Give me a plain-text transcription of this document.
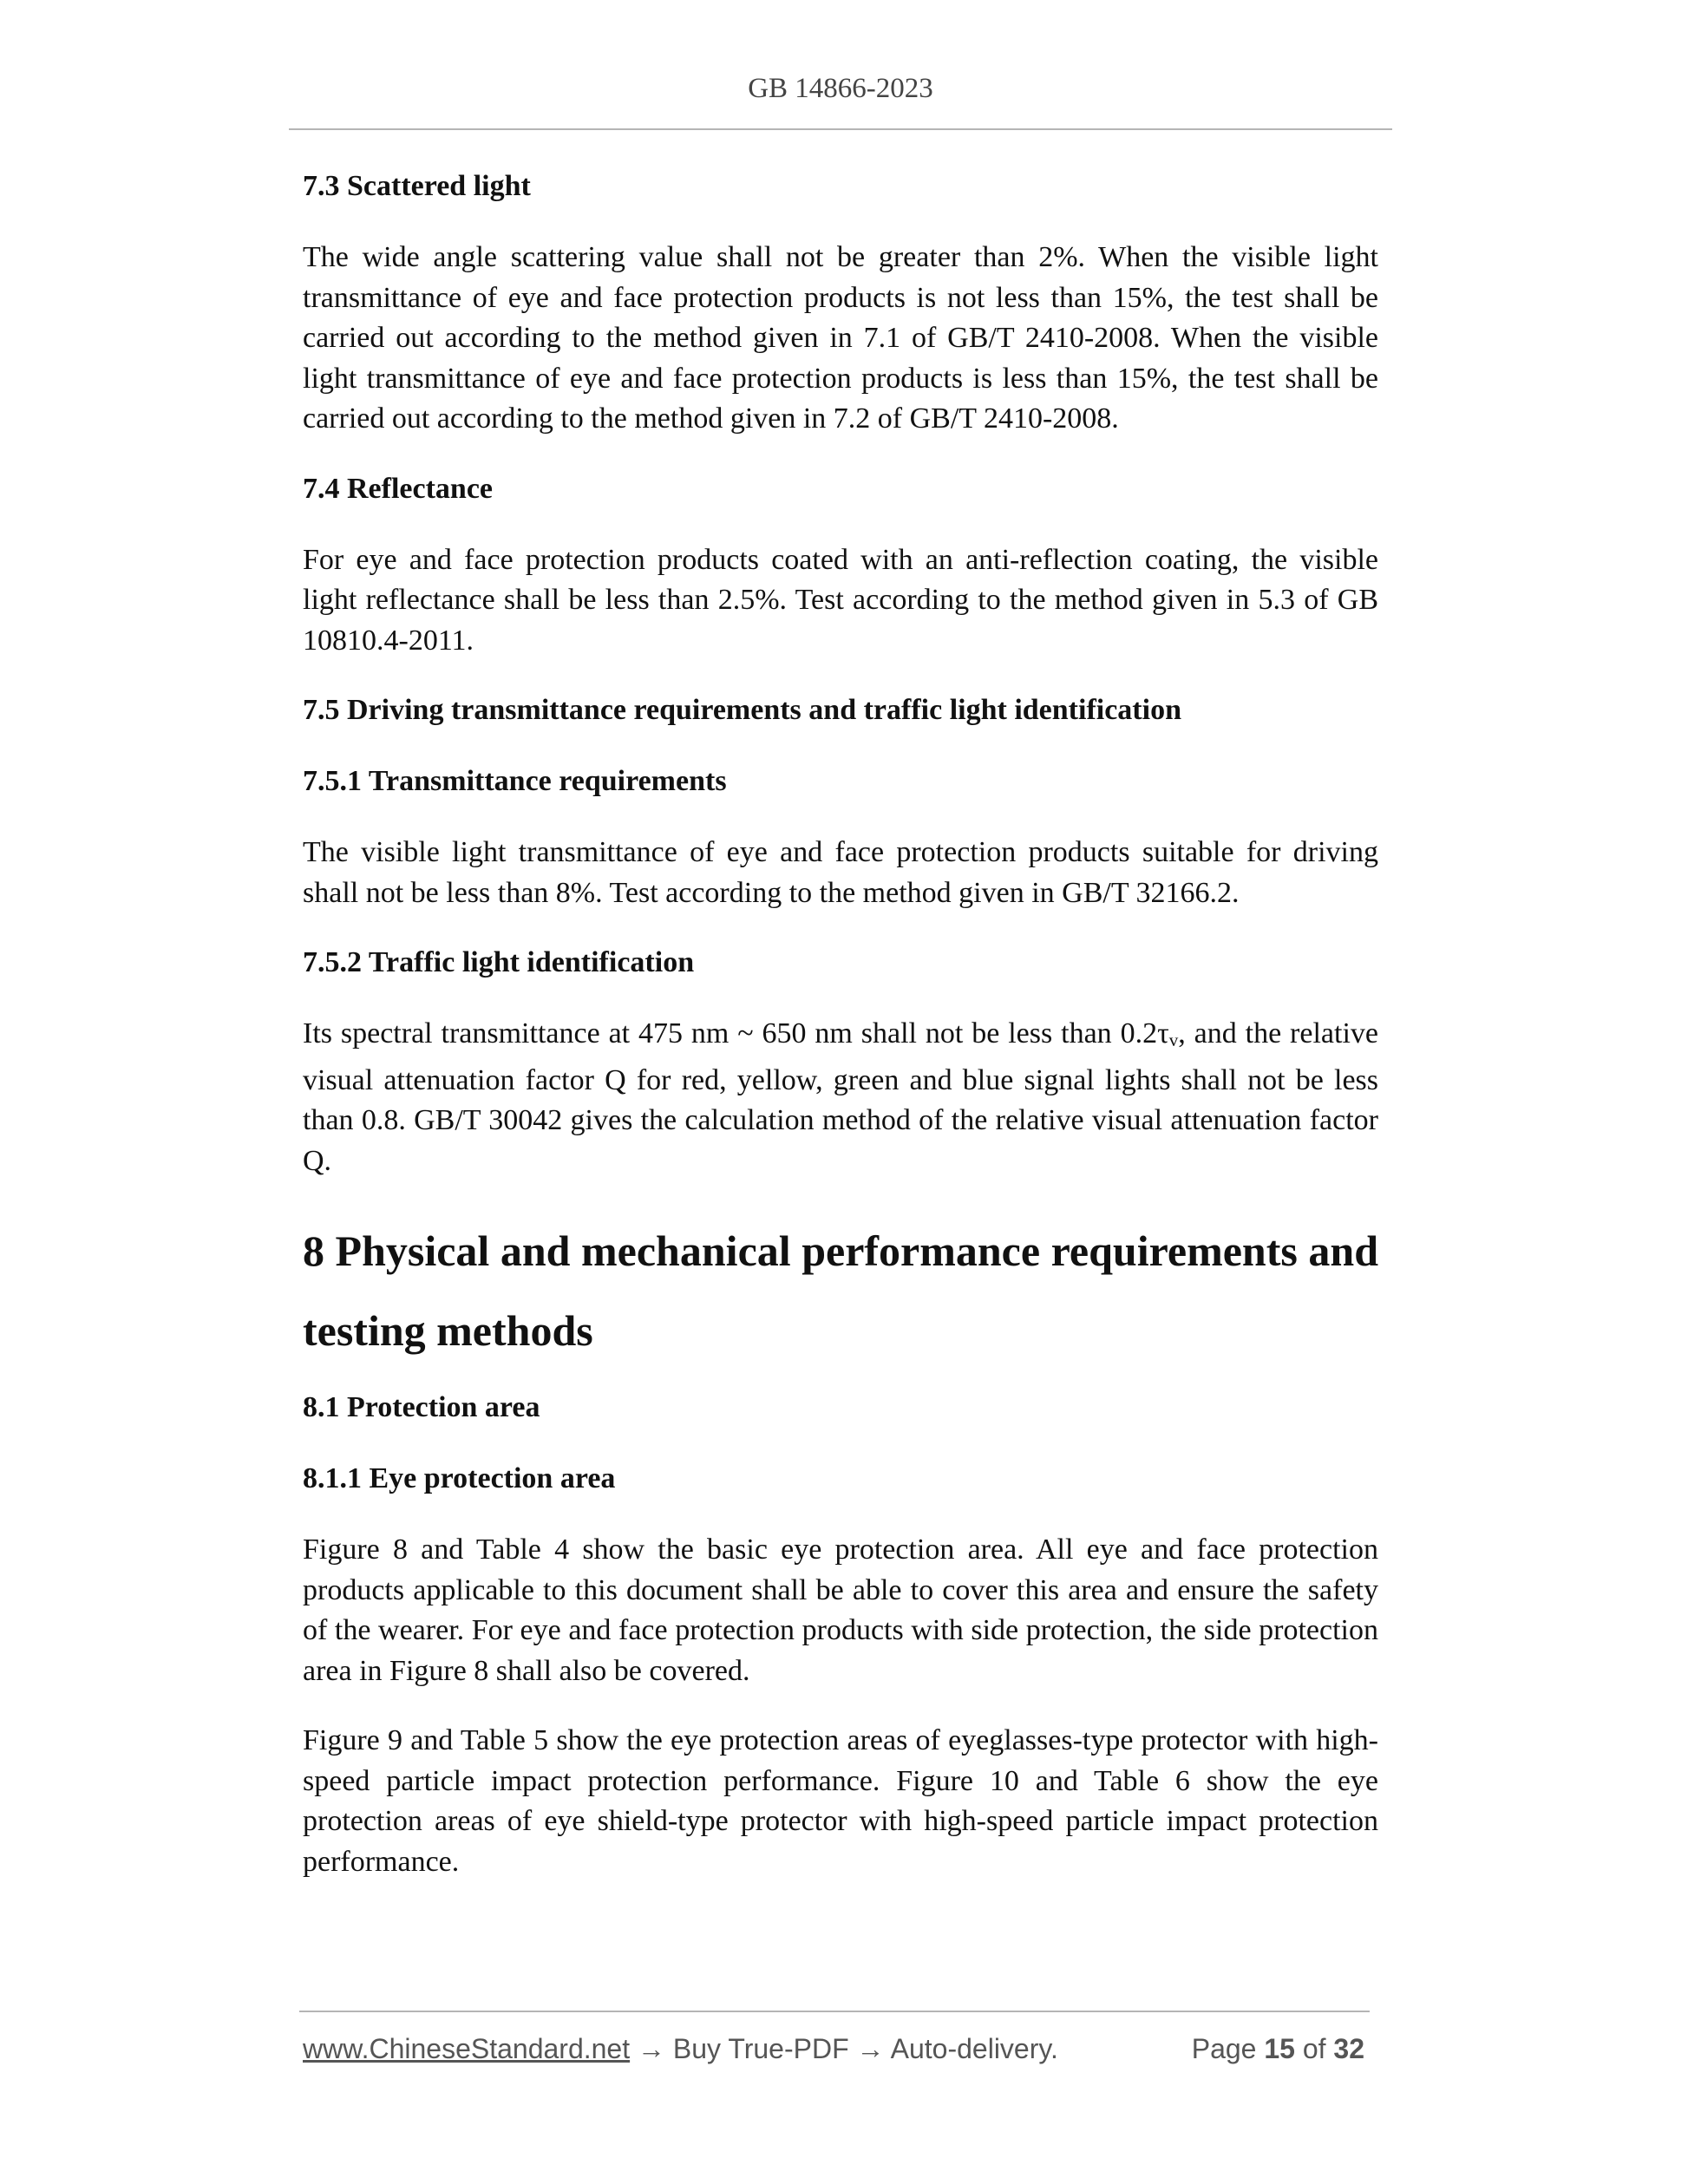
GB 14866-2023
7.3 Scattered light
The wide angle scattering value shall not be greater than 2%. When the visible light transmittance of eye and face protection products is not less than 15%, the test shall be carried out according to the method given in 7.1 of GB/T 2410-2008. When the visible light transmittance of eye and face protection products is less than 15%, the test shall be carried out according to the method given in 7.2 of GB/T 2410-2008.
7.4 Reflectance
For eye and face protection products coated with an anti-reflection coating, the visible light reflectance shall be less than 2.5%. Test according to the method given in 5.3 of GB 10810.4-2011.
7.5 Driving transmittance requirements and traffic light identification
7.5.1 Transmittance requirements
The visible light transmittance of eye and face protection products suitable for driving shall not be less than 8%. Test according to the method given in GB/T 32166.2.
7.5.2 Traffic light identification
Its spectral transmittance at 475 nm ~ 650 nm shall not be less than 0.2τv, and the relative visual attenuation factor Q for red, yellow, green and blue signal lights shall not be less than 0.8. GB/T 30042 gives the calculation method of the relative visual attenuation factor Q.
8 Physical and mechanical performance requirements and testing methods
8.1 Protection area
8.1.1 Eye protection area
Figure 8 and Table 4 show the basic eye protection area. All eye and face protection products applicable to this document shall be able to cover this area and ensure the safety of the wearer. For eye and face protection products with side protection, the side protection area in Figure 8 shall also be covered.
Figure 9 and Table 5 show the eye protection areas of eyeglasses-type protector with high-speed particle impact protection performance. Figure 10 and Table 6 show the eye protection areas of eye shield-type protector with high-speed particle impact protection performance.
www.ChineseStandard.net → Buy True-PDF → Auto-delivery.	Page 15 of 32
